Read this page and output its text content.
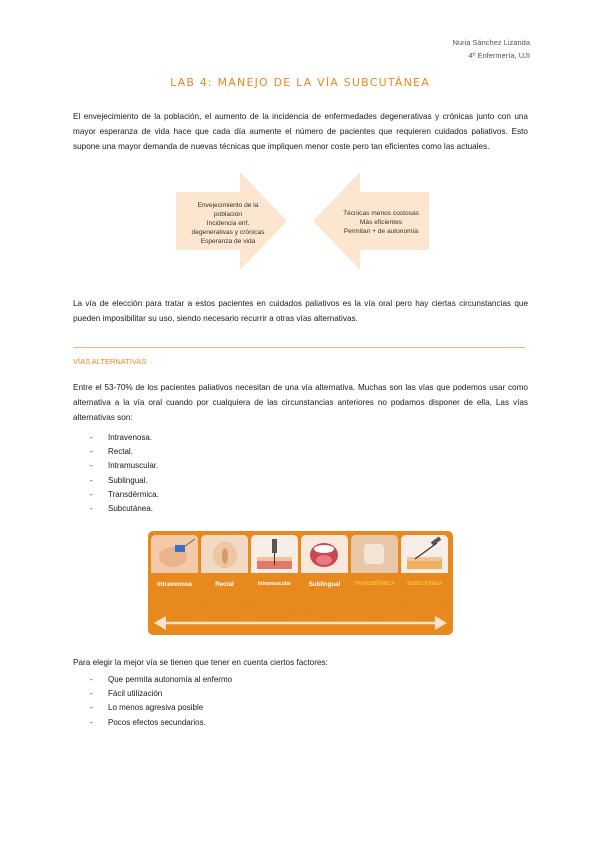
Nuria Sánchez Lizanda
4º Enfermería, UJI
LAB 4: MANEJO DE LA VÍA SUBCUTÁNEA
El envejecimiento de la población, el aumento de la incidencia de enfermedades degenerativas y crónicas junto con una mayor esperanza de vida hace que cada día aumente el número de pacientes que requieren cuidados paliativos. Esto supone una mayor demanda de nuevas técnicas que impliquen menor coste pero tan eficientes como las actuales.
Envejecimiento de la
población
Incidencia enf.
degenerativas y crónicas
Esperanza de vida
Técnicas menos costosas
Más eficientes
Permitan + de autonomía
La vía de elección para tratar a estos pacientes en cuidados paliativos es la vía oral pero hay ciertas circunstancias que pueden imposibilitar su uso, siendo necesario recurrir a otras vías alternativas.
VÍAS ALTERNATIVAS
Entre el 53-70% de los pacientes paliativos necesitan de una vía alternativa. Muchas son las vías que podemos usar como alternativa a la vía oral cuando por cualquiera de las circunstancias anteriores no podamos disponer de ella. Las vías alternativas son:
- Intravenosa.
- Rectal.
- Intramuscular.
- Sublingual.
- Transdérmica.
- Subcutánea.
Intravenosa	Rectal	Intramuscular	Sublingual	TRANSDÉRMICA	SUBCUTÁNEA
Para elegir la mejor vía se tienen que tener en cuenta ciertos factores:
- Que permita autonomía al enfermo
- Fácil utilización
- Lo menos agresiva posible
- Pocos efectos secundarios.
